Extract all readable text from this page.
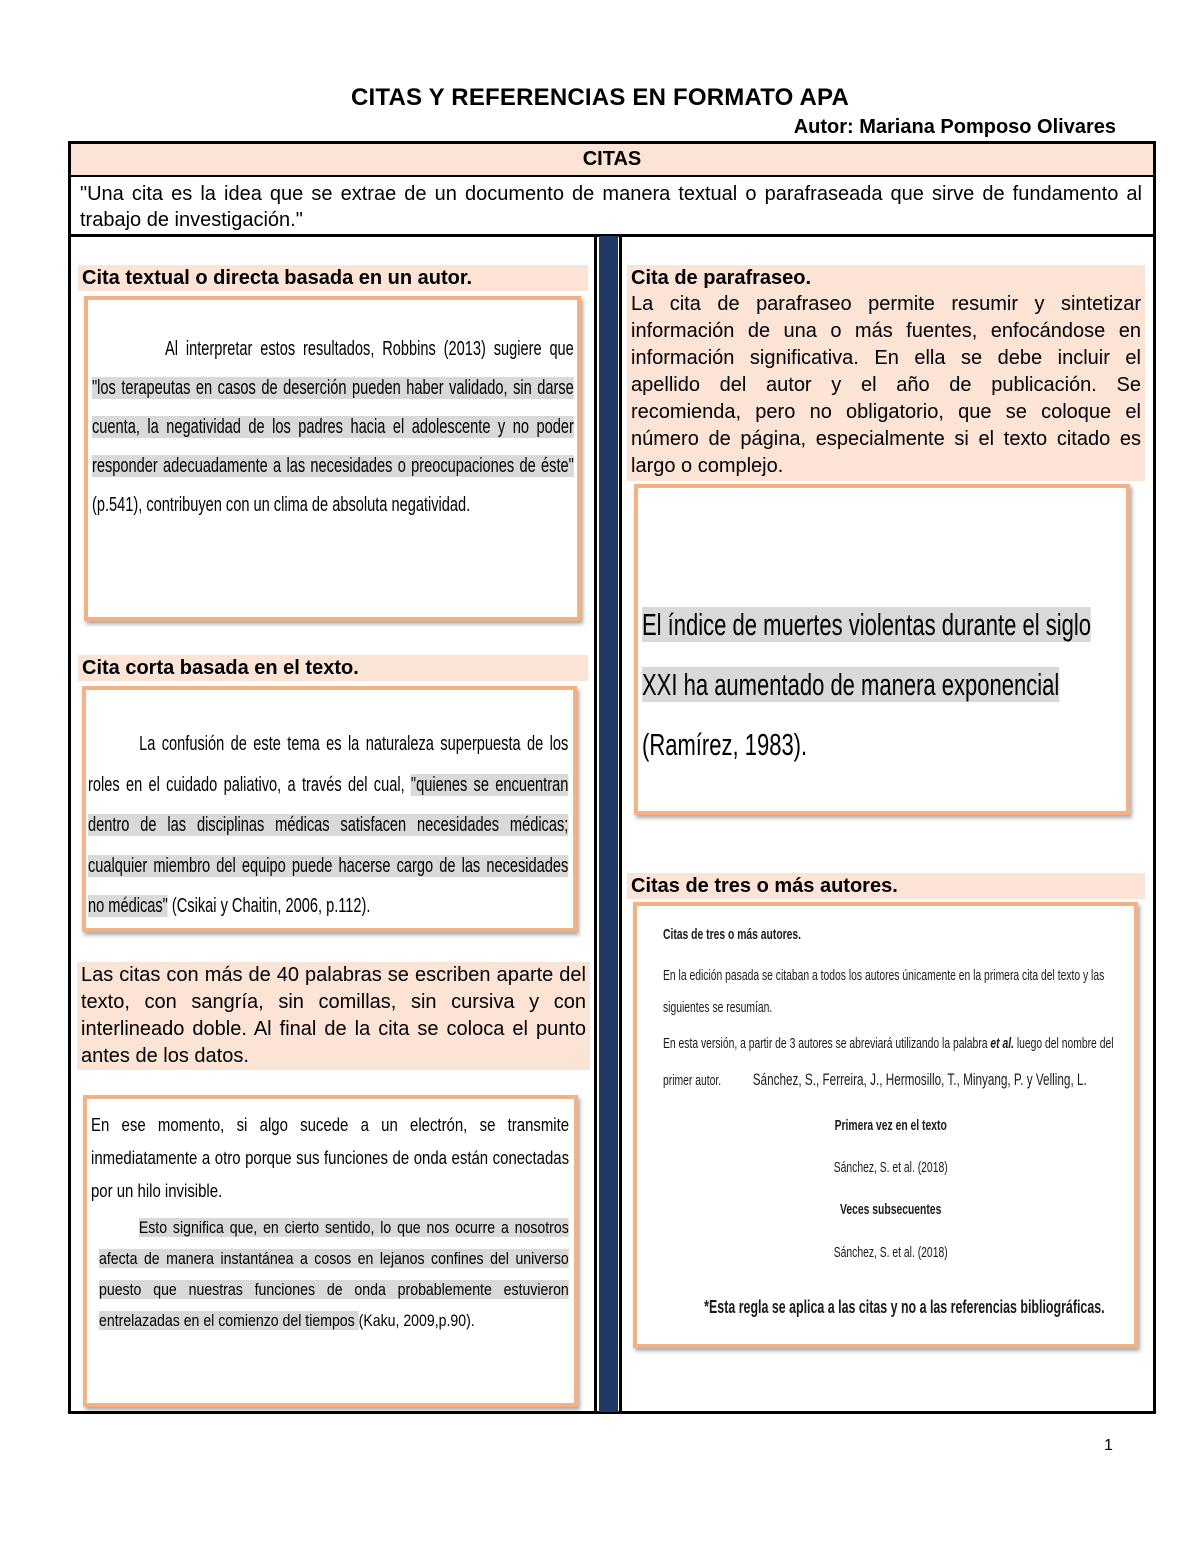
CITAS Y REFERENCIAS EN FORMATO APA
Autor: Mariana Pomposo Olivares
CITAS
"Una cita es la idea que se extrae de un documento de manera textual o parafraseada que sirve de fundamento al trabajo de investigación."
Cita textual o directa basada en un autor.
Al interpretar estos resultados, Robbins (2013) sugiere que "los terapeutas en casos de deserción pueden haber validado, sin darse cuenta, la negatividad de los padres hacia el adolescente y no poder responder adecuadamente a las necesidades o preocupaciones de éste" (p.541), contribuyen con un clima de absoluta negatividad.
Cita corta basada en el texto.
La confusión de este tema es la naturaleza superpuesta de los roles en el cuidado paliativo, a través del cual, "quienes se encuentran dentro de las disciplinas médicas satisfacen necesidades médicas; cualquier miembro del equipo puede hacerse cargo de las necesidades no médicas" (Csikai y Chaitin, 2006, p.112).
Las citas con más de 40 palabras se escriben aparte del texto, con sangría, sin comillas, sin cursiva y con interlineado doble. Al final de la cita se coloca el punto antes de los datos.
En ese momento, si algo sucede a un electrón, se transmite inmediatamente a otro porque sus funciones de onda están conectadas por un hilo invisible.
Esto significa que, en cierto sentido, lo que nos ocurre a nosotros afecta de manera instantánea a cosos en lejanos confines del universo puesto que nuestras funciones de onda probablemente estuvieron entrelazadas en el comienzo del tiempos (Kaku, 2009,p.90).
Cita de parafraseo.
La cita de parafraseo permite resumir y sintetizar información de una o más fuentes, enfocándose en información significativa. En ella se debe incluir el apellido del autor y el año de publicación. Se recomienda, pero no obligatorio, que se coloque el número de página, especialmente si el texto citado es largo o complejo.
El índice de muertes violentas durante el siglo XXI ha aumentado de manera exponencial (Ramírez, 1983).
Citas de tres o más autores.
Citas de tres o más autores.
En la edición pasada se citaban a todos los autores únicamente en la primera cita del texto y las siguientes se resumían.
En esta versión, a partir de 3 autores se abreviará utilizando la palabra et al. luego del nombre del primer autor. Sánchez, S., Ferreira, J., Hermosillo, T., Minyang, P. y Velling, L.
Primera vez en el texto
Sánchez, S. et al. (2018)
Veces subsecuentes
Sánchez, S. et al. (2018)
*Esta regla se aplica a las citas y no a las referencias bibliográficas.
1
